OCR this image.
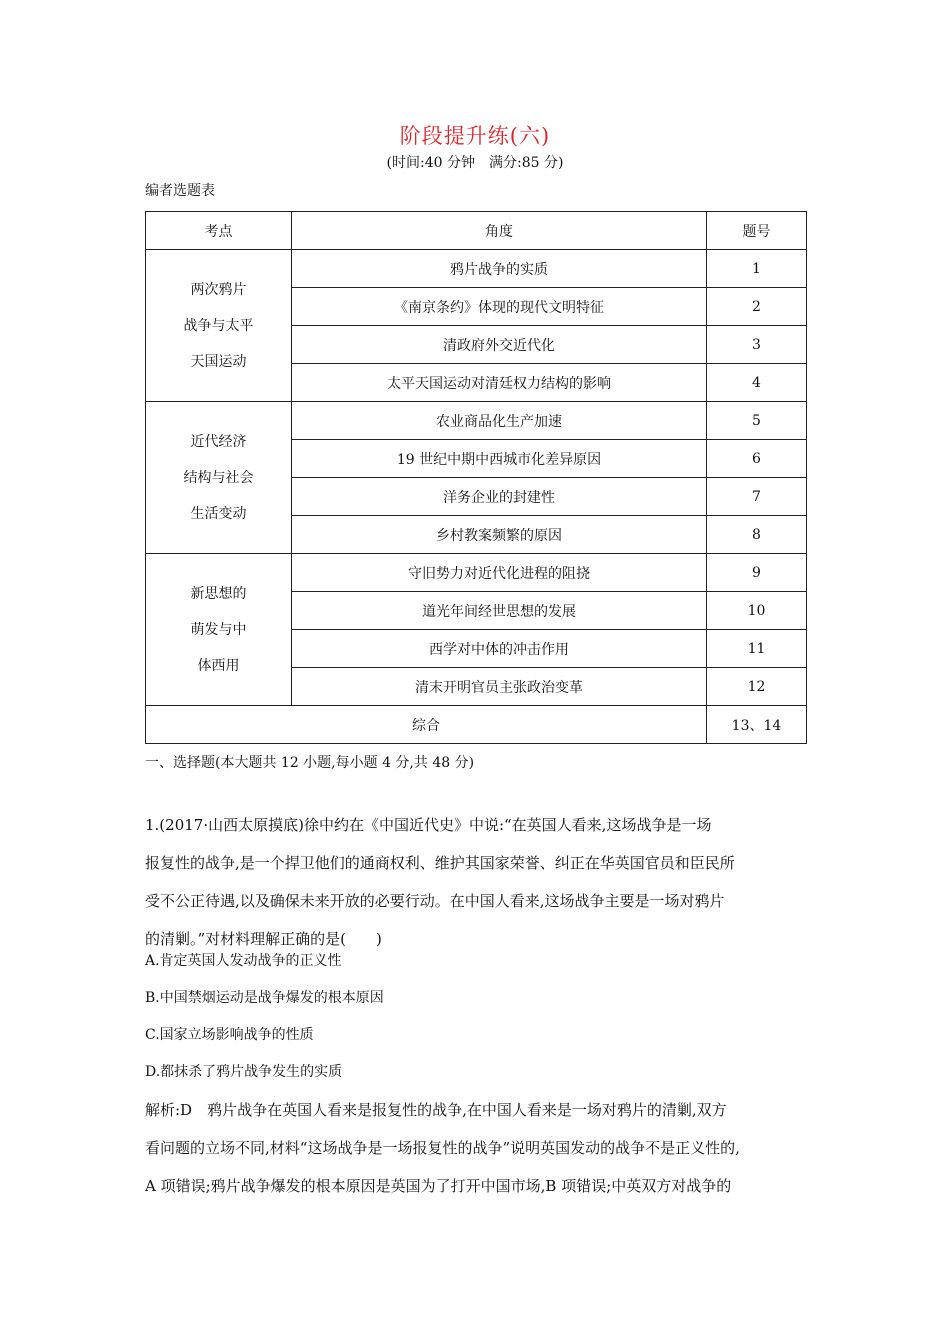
阶段提升练(六)
(时间:40 分钟　满分:85 分)
编者选题表
考点	角度	题号

两次鸦片
战争与太平
天国运动	鸦片战争的实质	1
	《南京条约》体现的现代文明特征	2
	清政府外交近代化	3
	太平天国运动对清廷权力结构的影响	4

近代经济
结构与社会
生活变动	农业商品化生产加速	5
	19 世纪中期中西城市化差异原因	6
	洋务企业的封建性	7
	乡村教案频繁的原因	8

新思想的
萌发与中
体西用	守旧势力对近代化进程的阻挠	9
	道光年间经世思想的发展	10
	西学对中体的冲击作用	11
	清末开明官员主张政治变革	12
综合		13、14
一、选择题(本大题共 12 小题,每小题 4 分,共 48 分)
1.(2017·山西太原摸底)徐中约在《中国近代史》中说:“在英国人看来,这场战争是一场
报复性的战争,是一个捍卫他们的通商权利、维护其国家荣誉、纠正在华英国官员和臣民所
受不公正待遇,以及确保未来开放的必要行动。在中国人看来,这场战争主要是一场对鸦片
的清剿。”对材料理解正确的是(　　)
A.肯定英国人发动战争的正义性
B.中国禁烟运动是战争爆发的根本原因
C.国家立场影响战争的性质
D.都抹杀了鸦片战争发生的实质
解析:D　鸦片战争在英国人看来是报复性的战争,在中国人看来是一场对鸦片的清剿,双方
看问题的立场不同,材料“这场战争是一场报复性的战争”说明英国发动的战争不是正义性的,
A 项错误;鸦片战争爆发的根本原因是英国为了打开中国市场,B 项错误;中英双方对战争的
